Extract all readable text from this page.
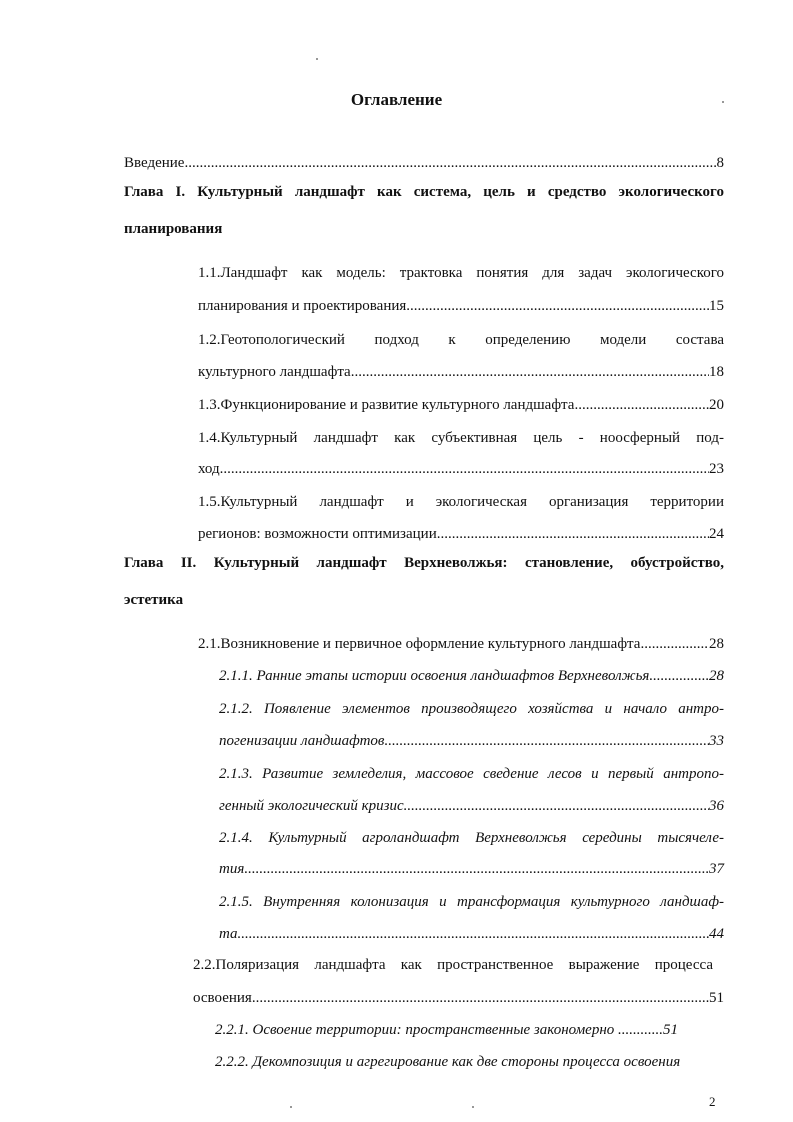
Оглавление
Введение .....	8
Глава I. Культурный ландшафт как система, цель и средство экологического
планирования
1.1.Ландшафт как модель: трактовка понятия для задач экологического
планирования и проектирования .....	15
1.2.Геотопологический подход к определению модели состава
культурного ландшафта .....	18
1.3.Функционирование и развитие культурного ландшафта .....	20
1.4.Культурный ландшафт как субъективная цель - ноосферный под-
ход .....	23
1.5.Культурный ландшафт и экологическая организация территории
регионов: возможности оптимизации .....	24
Глава II. Культурный ландшафт Верхневолжья: становление, обустройство,
эстетика
2.1.Возникновение и первичное оформление культурного ландшафта .....	28
2.1.1. Ранние этапы истории освоения ландшафтов Верхневолжья .....	28
2.1.2. Появление элементов производящего хозяйства и начало антро-
погенизации ландшафтов .....	33
2.1.3. Развитие земледелия, массовое сведение лесов и первый антропо-
генный экологический кризис .....	36
2.1.4. Культурный агроландшафт Верхневолжья середины тысячеле-
тия .....	37
2.1.5. Внутренняя колонизация и трансформация культурного ландшаф-
та .....	44
2.2.Поляризация ландшафта как пространственное выражение процесса
освоения .....	51
2.2.1. Освоение территории: пространственные закономерно ............51
2.2.2. Декомпозиция и агрегирование как две стороны процесса освоения
2
